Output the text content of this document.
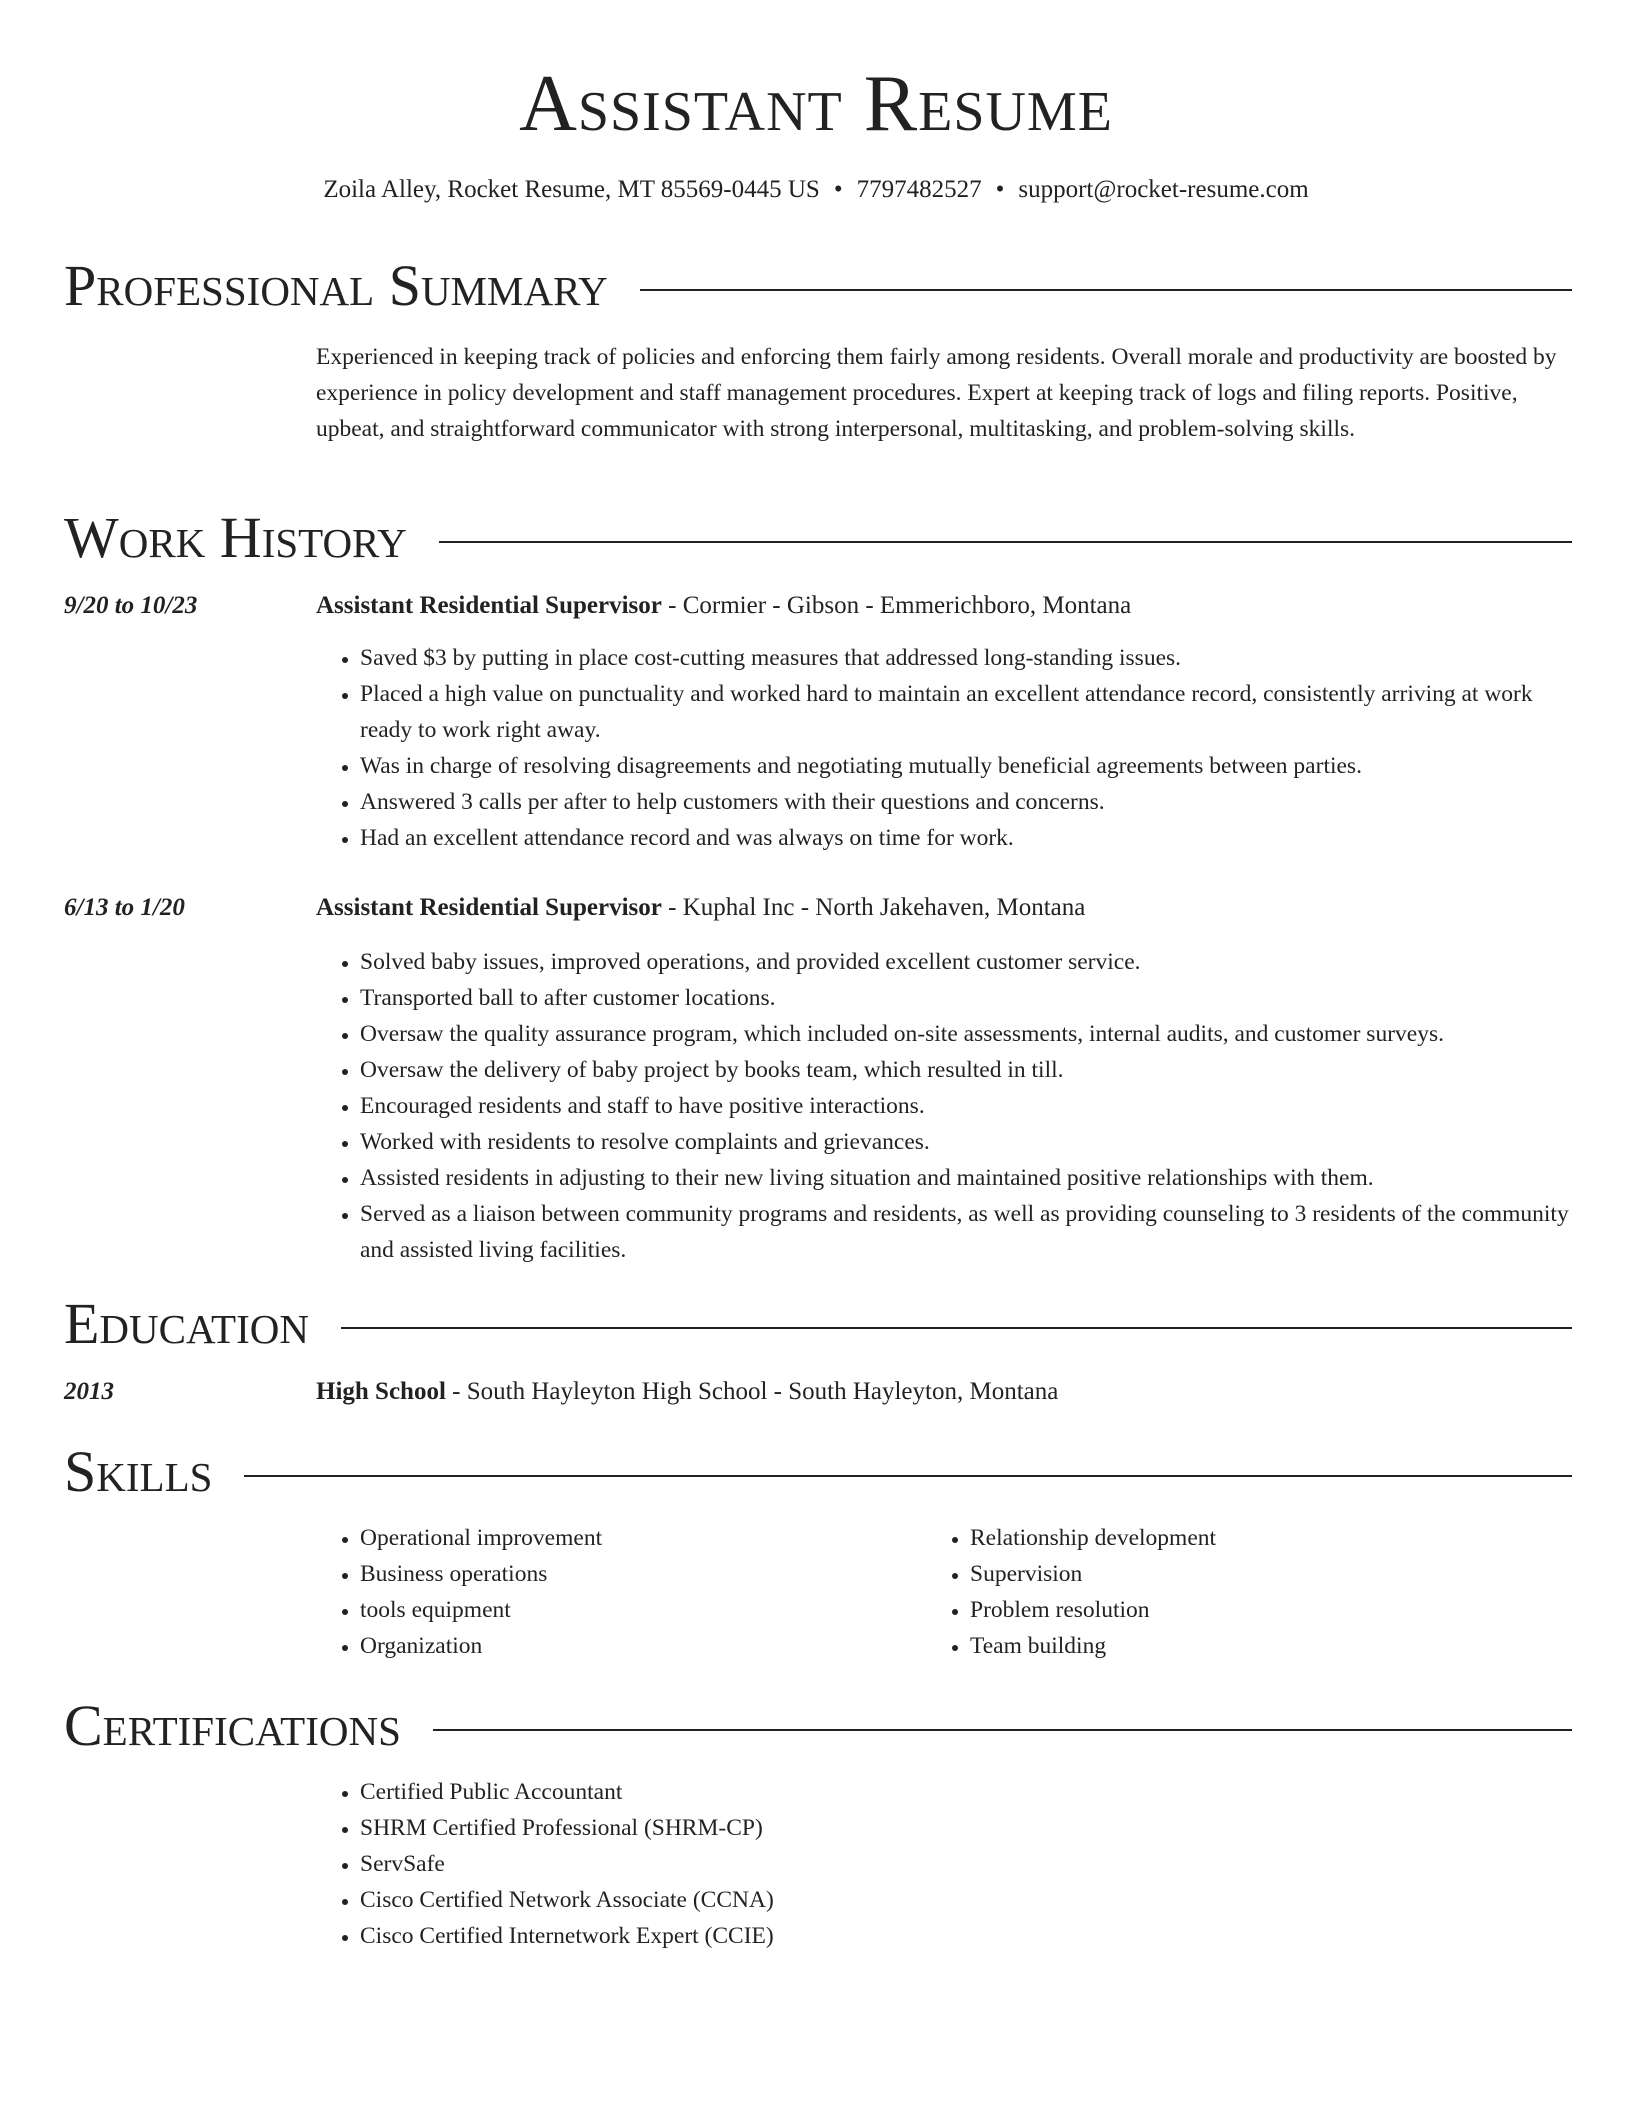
Assistant Resume
Zoila Alley, Rocket Resume, MT 85569-0445 US • 7797482527 • support@rocket-resume.com
Professional Summary

Experienced in keeping track of policies and enforcing them fairly among residents. Overall morale and productivity are boosted by experience in policy development and staff management procedures. Expert at keeping track of logs and filing reports. Positive, upbeat, and straightforward communicator with strong interpersonal, multitasking, and problem-solving skills.

Work History
9/20 to 10/23	Assistant Residential Supervisor - Cormier - Gibson - Emmerichboro, Montana
• Saved $3 by putting in place cost-cutting measures that addressed long-standing issues.
• Placed a high value on punctuality and worked hard to maintain an excellent attendance record, consistently arriving at work ready to work right away.
• Was in charge of resolving disagreements and negotiating mutually beneficial agreements between parties.
• Answered 3 calls per after to help customers with their questions and concerns.
• Had an excellent attendance record and was always on time for work.
6/13 to 1/20	Assistant Residential Supervisor - Kuphal Inc - North Jakehaven, Montana
• Solved baby issues, improved operations, and provided excellent customer service.
• Transported ball to after customer locations.
• Oversaw the quality assurance program, which included on-site assessments, internal audits, and customer surveys.
• Oversaw the delivery of baby project by books team, which resulted in till.
• Encouraged residents and staff to have positive interactions.
• Worked with residents to resolve complaints and grievances.
• Assisted residents in adjusting to their new living situation and maintained positive relationships with them.
• Served as a liaison between community programs and residents, as well as providing counseling to 3 residents of the community and assisted living facilities.
Education
2013	High School - South Hayleyton High School - South Hayleyton, Montana
Skills
• Operational improvement
• Business operations
• tools equipment
• Organization
• Relationship development
• Supervision
• Problem resolution
• Team building
Certifications
• Certified Public Accountant
• SHRM Certified Professional (SHRM-CP)
• ServSafe
• Cisco Certified Network Associate (CCNA)
• Cisco Certified Internetwork Expert (CCIE)
